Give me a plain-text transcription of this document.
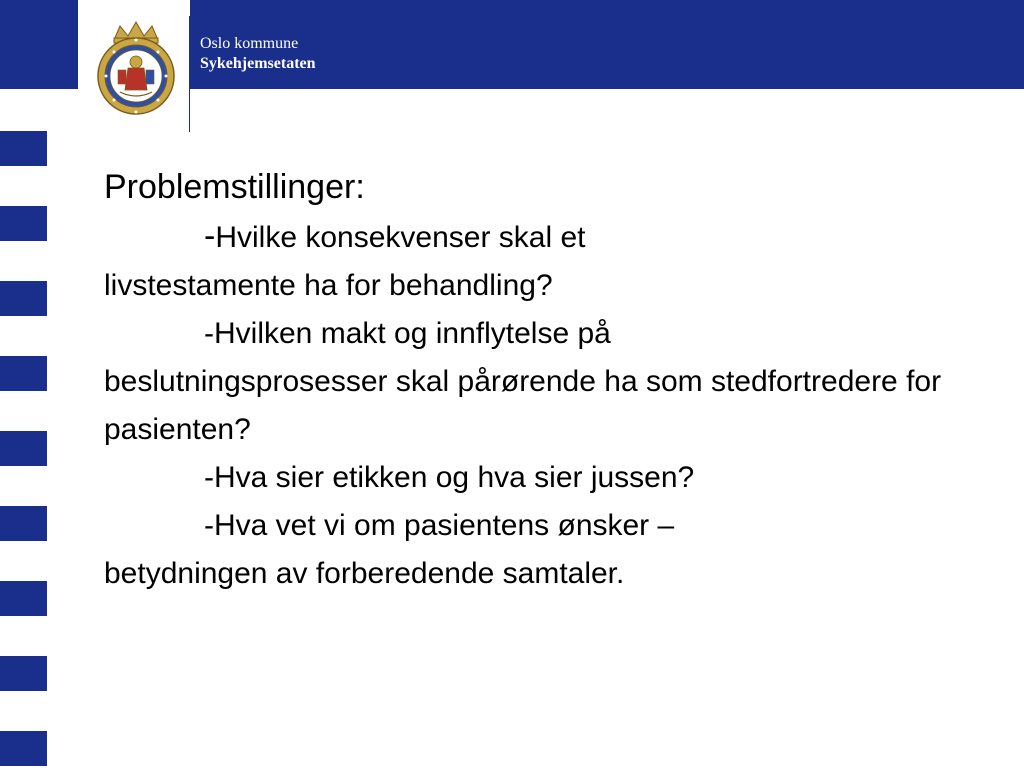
Oslo kommune
Sykehjemsetaten
Problemstillinger:
-Hvilke konsekvenser skal et
livstestamente ha for behandling?
-Hvilken makt og innflytelse på
beslutningsprosesser skal pårørende ha som stedfortredere for pasienten?
-Hva sier etikken og hva sier jussen?
-Hva vet vi om pasientens ønsker –
betydningen av forberedende samtaler.
